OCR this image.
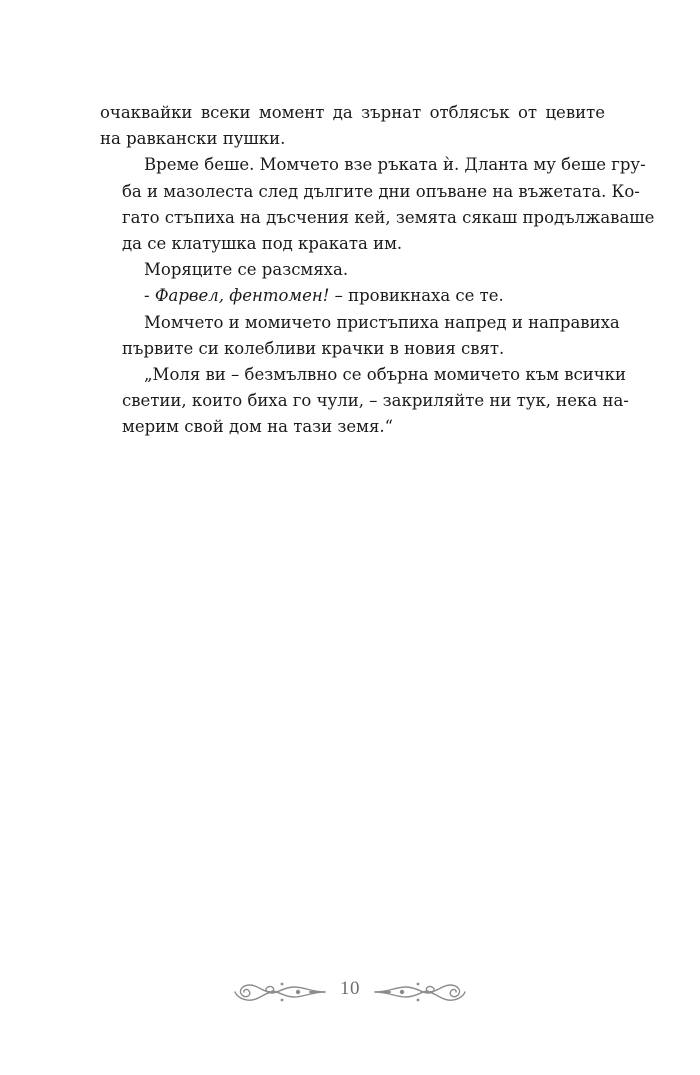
очаквайки всеки момент да зърнат отблясък от цевите
на равкански пушки.

Време беше. Момчето взе ръката ѝ. Дланта му беше гру-
ба и мазолеста след дългите дни опъване на въжетата. Ко-
гато стъпиха на дъсчения кей, земята сякаш продължаваше
да се клатушка под краката им.

Моряците се разсмяха.

- Фарвел, фентомен! – провикнаха се те.

Момчето и момичето пристъпиха напред и направиха
първите си колебливи крачки в новия свят.

„Моля ви – безмълвно се обърна момичето към всички
светии, които биха го чули, – закриляйте ни тук, нека на-
мерим свой дом на тази земя.“

10
